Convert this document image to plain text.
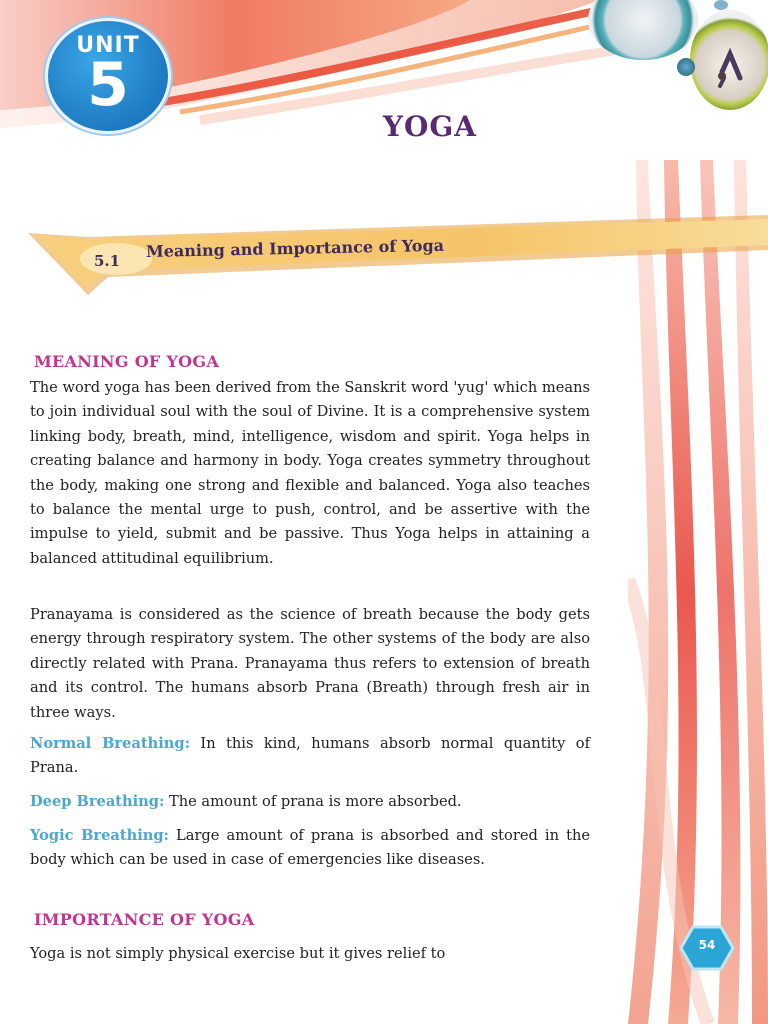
UNIT
5
YOGA
5.1
Meaning and Importance of Yoga
MEANING OF YOGA
The word yoga has been derived from the Sanskrit word 'yug' which means to join individual soul with the soul of Divine. It is a comprehensive system linking body, breath, mind, intelligence, wisdom and spirit. Yoga helps in creating balance and harmony in body. Yoga creates symmetry throughout the body, making one strong and flexible and balanced. Yoga also teaches to balance the mental urge to push, control, and be assertive with the impulse to yield, submit and be passive. Thus Yoga helps in attaining a balanced attitudinal equilibrium.
Pranayama is considered as the science of breath because the body gets energy through respiratory system. The other systems of the body are also directly related with Prana. Pranayama thus refers to extension of breath and its control. The humans absorb Prana (Breath) through fresh air in three ways.
Normal Breathing: In this kind, humans absorb normal quantity of Prana.
Deep Breathing: The amount of prana is more absorbed.
Yogic Breathing: Large amount of prana is absorbed and stored in the body which can be used in case of emergencies like diseases.
IMPORTANCE OF YOGA
Yoga is not simply physical exercise but it gives relief to	54
